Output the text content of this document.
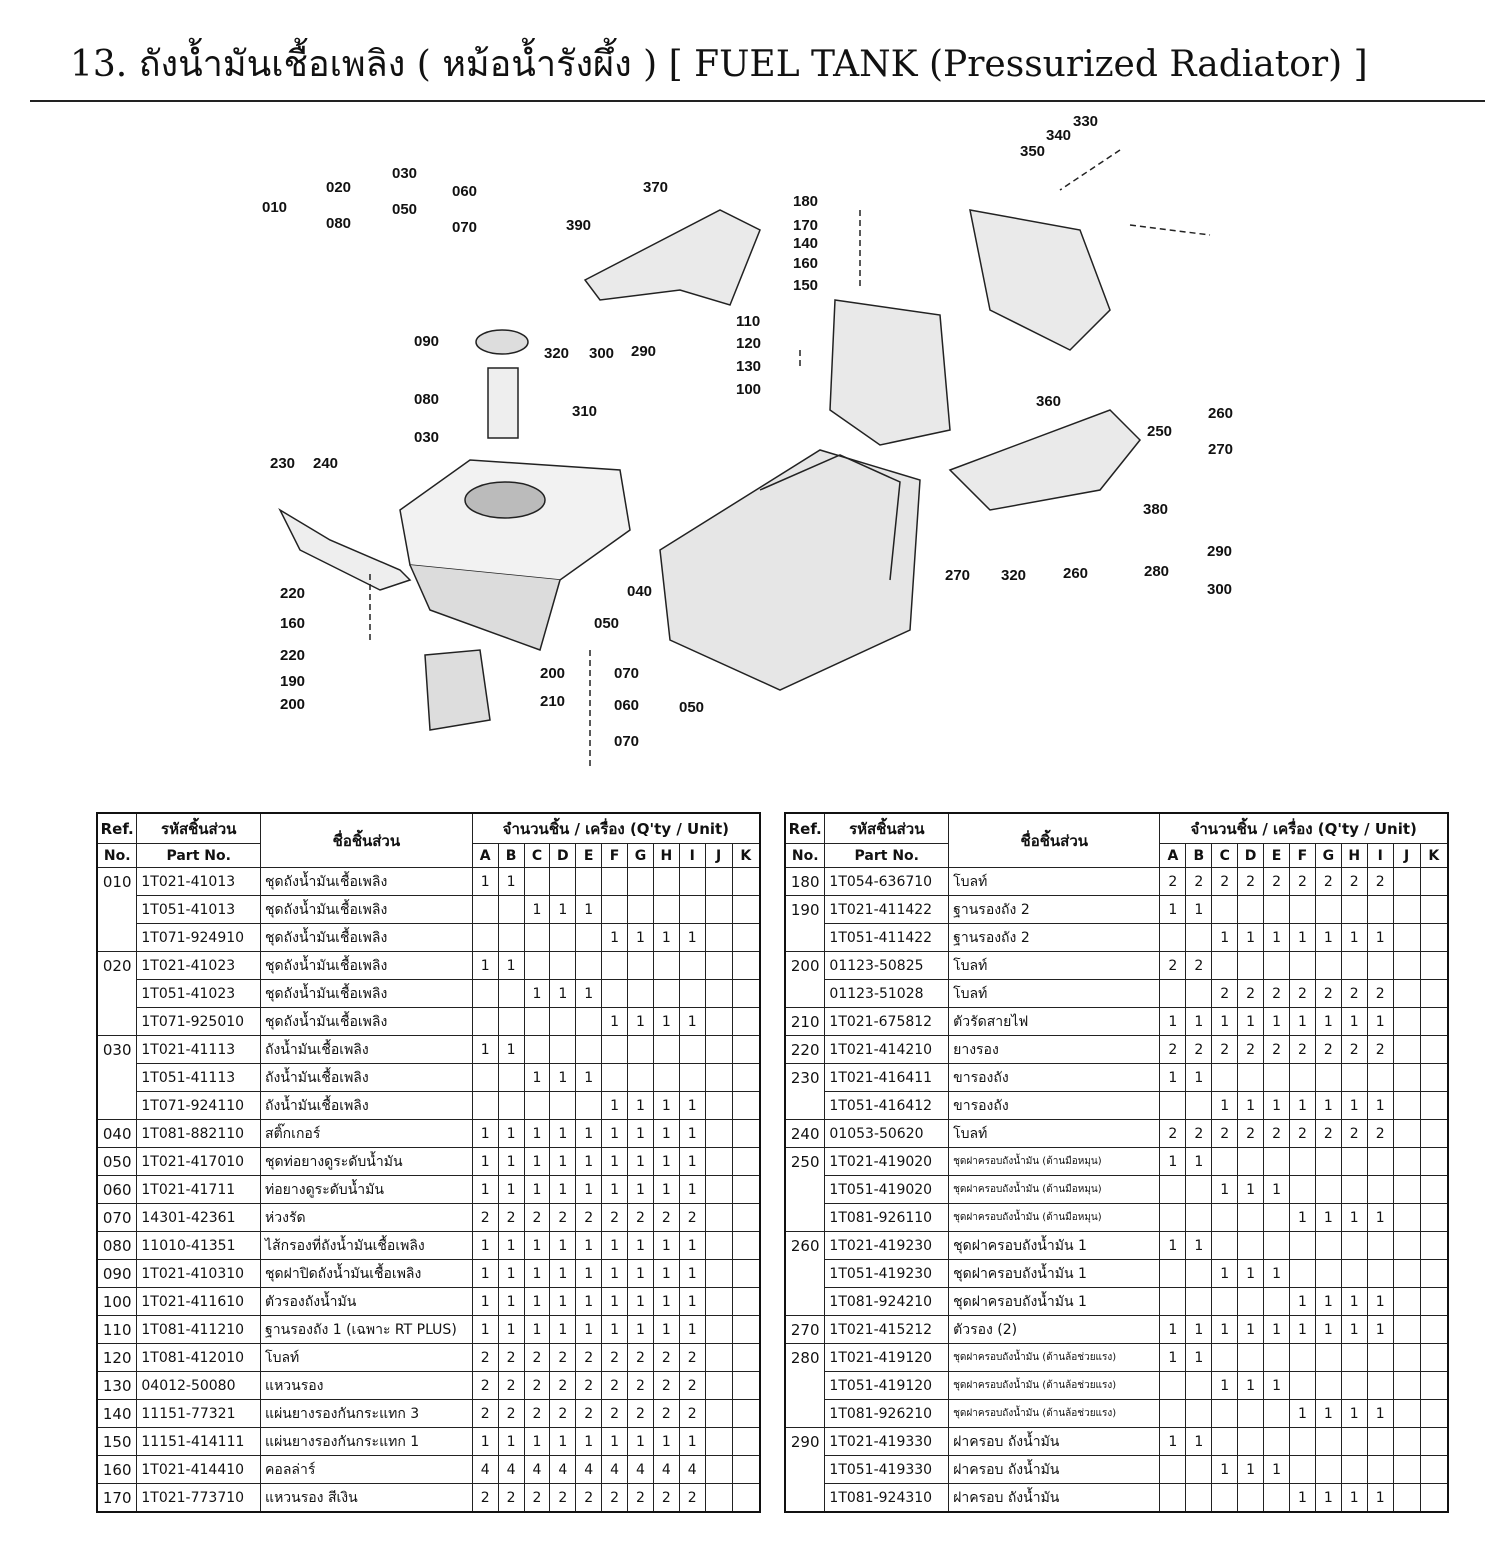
13. ถังน้ำมันเชื้อเพลิง ( หม้อน้ำรังผึ้ง ) [ FUEL TANK (Pressurized Radiator) ]
010
020
080
030
050
060
070
370
390
320 300 290
090
080
030
310
230 240
220
160
220
190
200
040
050
200
210
070
060	050
070
180
170
140
160
150
110
120
130
100
350
340
330
360
250
260
270
380
270 320 260	280
290
300
Ref.	รหัสชิ้นส่วน	ชื่อชิ้นส่วน	จำนวนชิ้น / เครื่อง (Q'ty / Unit)										
No.	Part No.		A	B	C	D	E	F	G	H	I	J	K
010	1T021-41013	ชุดถังน้ำมันเชื้อเพลิง	1	1									
	1T051-41013	ชุดถังน้ำมันเชื้อเพลิง			1	1	1						
	1T071-924910	ชุดถังน้ำมันเชื้อเพลิง						1	1	1	1		
020	1T021-41023	ชุดถังน้ำมันเชื้อเพลิง	1	1									
	1T051-41023	ชุดถังน้ำมันเชื้อเพลิง			1	1	1						
	1T071-925010	ชุดถังน้ำมันเชื้อเพลิง						1	1	1	1		
030	1T021-41113	ถังน้ำมันเชื้อเพลิง	1	1									
	1T051-41113	ถังน้ำมันเชื้อเพลิง			1	1	1						
	1T071-924110	ถังน้ำมันเชื้อเพลิง						1	1	1	1		
040	1T081-882110	สติ๊กเกอร์	1	1	1	1	1	1	1	1	1		
050	1T021-417010	ชุดท่อยางดูระดับน้ำมัน	1	1	1	1	1	1	1	1	1		
060	1T021-41711	ท่อยางดูระดับน้ำมัน	1	1	1	1	1	1	1	1	1		
070	14301-42361	ห่วงรัด	2	2	2	2	2	2	2	2	2		
080	11010-41351	ไส้กรองที่ถังน้ำมันเชื้อเพลิง	1	1	1	1	1	1	1	1	1		
090	1T021-410310	ชุดฝาปิดถังน้ำมันเชื้อเพลิง	1	1	1	1	1	1	1	1	1		
100	1T021-411610	ตัวรองถังน้ำมัน	1	1	1	1	1	1	1	1	1		
110	1T081-411210	ฐานรองถัง 1 (เฉพาะ RT PLUS)	1	1	1	1	1	1	1	1	1		
120	1T081-412010	โบลท์	2	2	2	2	2	2	2	2	2		
130	04012-50080	แหวนรอง	2	2	2	2	2	2	2	2	2		
140	11151-77321	แผ่นยางรองกันกระแทก 3	2	2	2	2	2	2	2	2	2		
150	11151-414111	แผ่นยางรองกันกระแทก 1	1	1	1	1	1	1	1	1	1		
160	1T021-414410	คอลล่าร์	4	4	4	4	4	4	4	4	4		
170	1T021-773710	แหวนรอง สีเงิน	2	2	2	2	2	2	2	2	2		
Ref.	รหัสชิ้นส่วน	ชื่อชิ้นส่วน	จำนวนชิ้น / เครื่อง (Q'ty / Unit)										
No.	Part No.		A	B	C	D	E	F	G	H	I	J	K
180	1T054-636710	โบลท์	2	2	2	2	2	2	2	2	2		
190	1T021-411422	ฐานรองถัง 2	1	1									
	1T051-411422	ฐานรองถัง 2			1	1	1	1	1	1	1		
200	01123-50825	โบลท์	2	2									
	01123-51028	โบลท์			2	2	2	2	2	2	2		
210	1T021-675812	ตัวรัดสายไฟ	1	1	1	1	1	1	1	1	1		
220	1T021-414210	ยางรอง	2	2	2	2	2	2	2	2	2		
230	1T021-416411	ขารองถัง	1	1									
	1T051-416412	ขารองถัง			1	1	1	1	1	1	1		
240	01053-50620	โบลท์	2	2	2	2	2	2	2	2	2		
250	1T021-419020	ชุดฝาครอบถังน้ำมัน (ด้านมือหมุน)	1	1									
	1T051-419020	ชุดฝาครอบถังน้ำมัน (ด้านมือหมุน)			1	1	1						
	1T081-926110	ชุดฝาครอบถังน้ำมัน (ด้านมือหมุน)						1	1	1	1		
260	1T021-419230	ชุดฝาครอบถังน้ำมัน 1	1	1									
	1T051-419230	ชุดฝาครอบถังน้ำมัน 1			1	1	1						
	1T081-924210	ชุดฝาครอบถังน้ำมัน 1						1	1	1	1		
270	1T021-415212	ตัวรอง (2)	1	1	1	1	1	1	1	1	1		
280	1T021-419120	ชุดฝาครอบถังน้ำมัน (ด้านล้อช่วยแรง)	1	1									
	1T051-419120	ชุดฝาครอบถังน้ำมัน (ด้านล้อช่วยแรง)			1	1	1						
	1T081-926210	ชุดฝาครอบถังน้ำมัน (ด้านล้อช่วยแรง)						1	1	1	1		
290	1T021-419330	ฝาครอบ ถังน้ำมัน	1	1									
	1T051-419330	ฝาครอบ ถังน้ำมัน			1	1	1						
	1T081-924310	ฝาครอบ ถังน้ำมัน						1	1	1	1		
